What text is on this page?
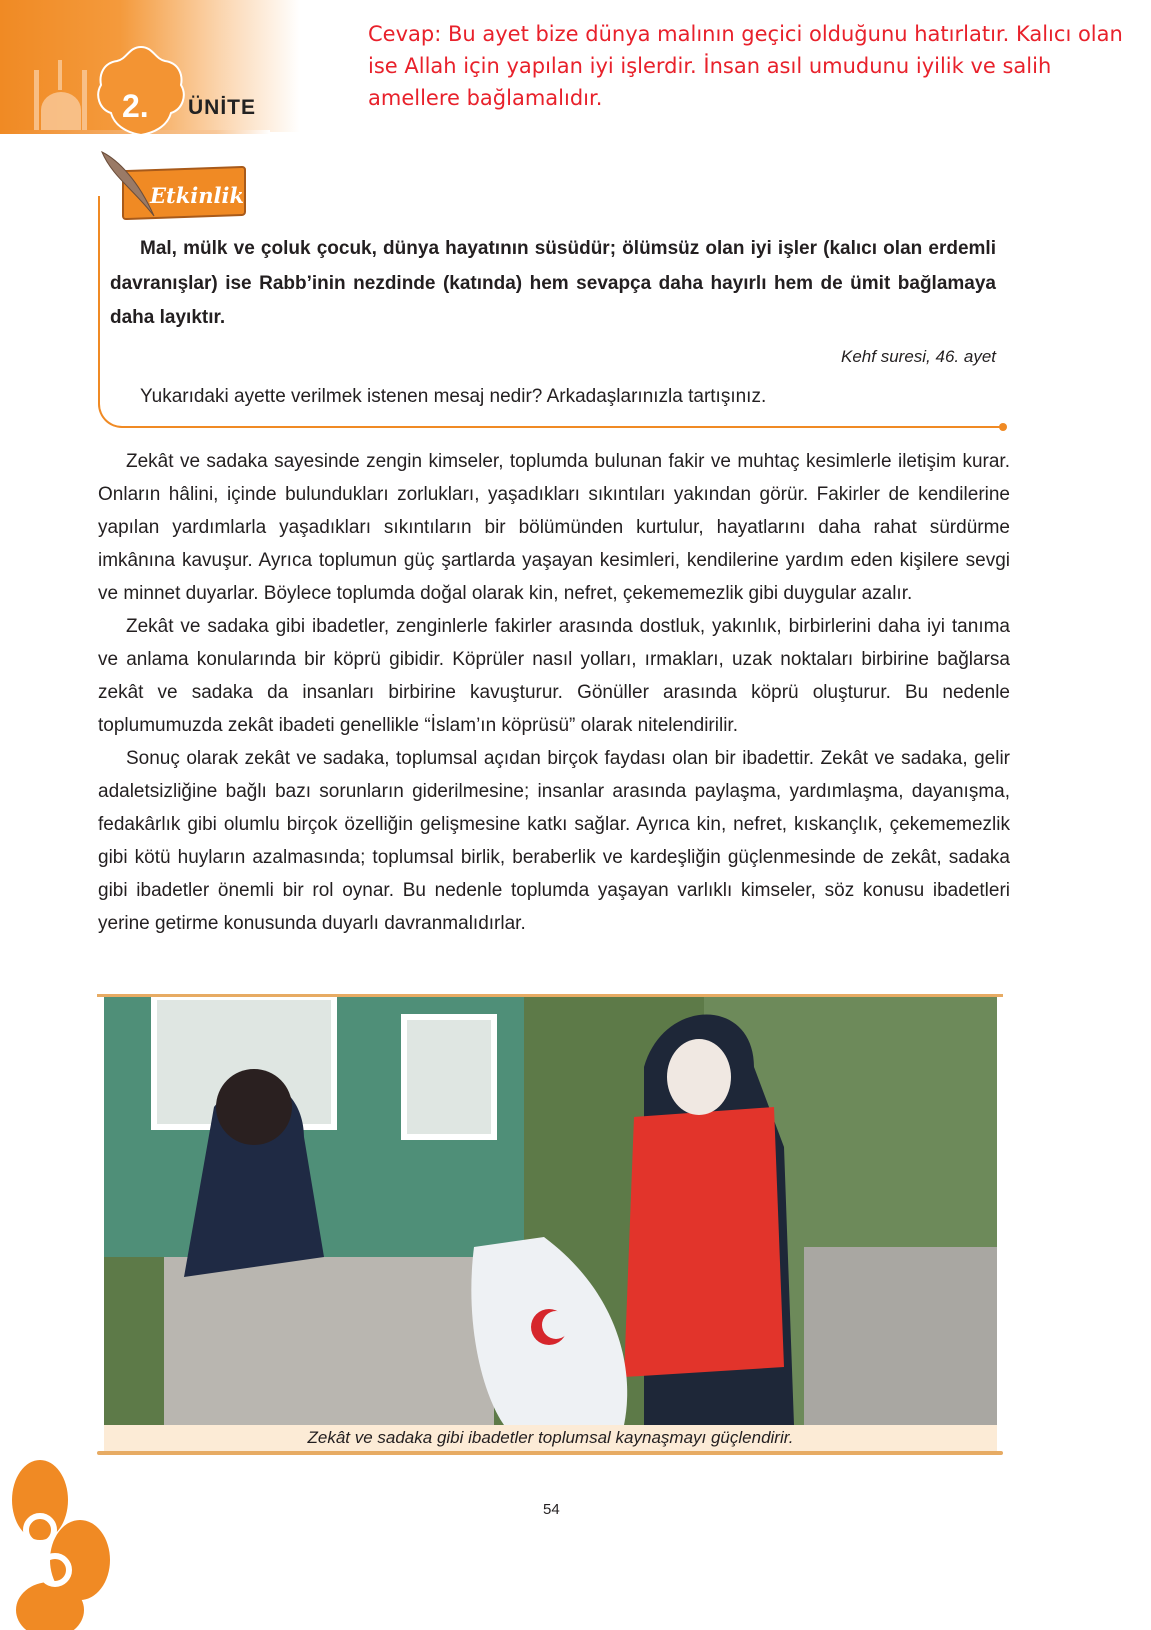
2. ÜNİTE
Cevap: Bu ayet bize dünya malının geçici olduğunu hatırlatır. Kalıcı olan ise Allah için yapılan iyi işlerdir. İnsan asıl umudunu iyilik ve salih amellere bağlamalıdır.
Etkinlik
Mal, mülk ve çoluk çocuk, dünya hayatının süsüdür; ölümsüz olan iyi işler (kalıcı olan erdemli davranışlar) ise Rabb’inin nezdinde (katında) hem sevapça daha hayırlı hem de ümit bağlamaya daha layıktır.
Kehf suresi, 46. ayet
Yukarıdaki ayette verilmek istenen mesaj nedir? Arkadaşlarınızla tartışınız.

Zekât ve sadaka sayesinde zengin kimseler, toplumda bulunan fakir ve muhtaç kesimlerle iletişim kurar. Onların hâlini, içinde bulundukları zorlukları, yaşadıkları sıkıntıları yakından görür. Fakirler de kendilerine yapılan yardımlarla yaşadıkları sıkıntıların bir bölümünden kurtulur, hayatlarını daha rahat sürdürme imkânına kavuşur. Ayrıca toplumun güç şartlarda yaşayan kesimleri, kendilerine yardım eden kişilere sevgi ve minnet duyarlar. Böylece toplumda doğal olarak kin, nefret, çekememezlik gibi duygular azalır.

Zekât ve sadaka gibi ibadetler, zenginlerle fakirler arasında dostluk, yakınlık, birbirlerini daha iyi tanıma ve anlama konularında bir köprü gibidir. Köprüler nasıl yolları, ırmakları, uzak noktaları birbirine bağlarsa zekât ve sadaka da insanları birbirine kavuşturur. Gönüller arasında köprü oluşturur. Bu nedenle toplumumuzda zekât ibadeti genellikle “İslam’ın köprüsü” olarak nitelendirilir.

Sonuç olarak zekât ve sadaka, toplumsal açıdan birçok faydası olan bir ibadettir. Zekât ve sadaka, gelir adaletsizliğine bağlı bazı sorunların giderilmesine; insanlar arasında paylaşma, yardımlaşma, dayanışma, fedakârlık gibi olumlu birçok özelliğin gelişmesine katkı sağlar. Ayrıca kin, nefret, kıskançlık, çekememezlik gibi kötü huyların azalmasında; toplumsal birlik, beraberlik ve kardeşliğin güçlenmesinde de zekât, sadaka gibi ibadetler önemli bir rol oynar. Bu nedenle toplumda yaşayan varlıklı kimseler, söz konusu ibadetleri yerine getirme konusunda duyarlı davranmalıdırlar.

Zekât ve sadaka gibi ibadetler toplumsal kaynaşmayı güçlendirir.
54
